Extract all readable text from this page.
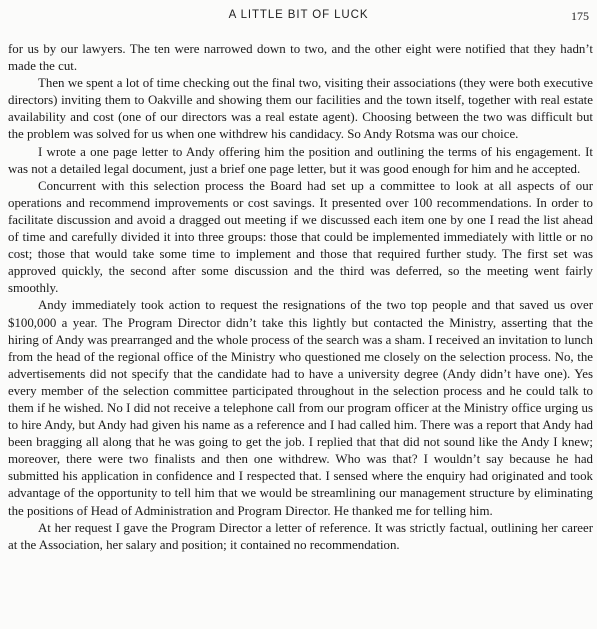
A LITTLE BIT OF LUCK	175

for us by our lawyers. The ten were narrowed down to two, and the other eight were notified that they hadn’t made the cut.

Then we spent a lot of time checking out the final two, visiting their associations (they were both executive directors) inviting them to Oakville and showing them our facilities and the town itself, together with real estate availability and cost (one of our directors was a real estate agent). Choosing between the two was difficult but the problem was solved for us when one withdrew his candidacy. So Andy Rotsma was our choice.

I wrote a one page letter to Andy offering him the position and outlining the terms of his engagement. It was not a detailed legal document, just a brief one page letter, but it was good enough for him and he accepted.

Concurrent with this selection process the Board had set up a committee to look at all aspects of our operations and recommend improvements or cost savings. It presented over 100 recommendations. In order to facilitate discussion and avoid a dragged out meeting if we discussed each item one by one I read the list ahead of time and carefully divided it into three groups: those that could be implemented immediately with little or no cost; those that would take some time to implement and those that required further study. The first set was approved quickly, the second after some discussion and the third was deferred, so the meeting went fairly smoothly.

Andy immediately took action to request the resignations of the two top people and that saved us over $100,000 a year. The Program Director didn’t take this lightly but contacted the Ministry, asserting that the hiring of Andy was prearranged and the whole process of the search was a sham. I received an invitation to lunch from the head of the regional office of the Ministry who questioned me closely on the selection process. No, the advertisements did not specify that the candidate had to have a university degree (Andy didn’t have one). Yes every member of the selection committee participated throughout in the selection process and he could talk to them if he wished. No I did not receive a telephone call from our program officer at the Ministry office urging us to hire Andy, but Andy had given his name as a reference and I had called him. There was a report that Andy had been bragging all along that he was going to get the job. I replied that that did not sound like the Andy I knew; moreover, there were two finalists and then one withdrew. Who was that? I wouldn’t say because he had submitted his application in confidence and I respected that. I sensed where the enquiry had originated and took advantage of the opportunity to tell him that we would be streamlining our management structure by eliminating the positions of Head of Administration and Program Director. He thanked me for telling him.

At her request I gave the Program Director a letter of reference. It was strictly factual, outlining her career at the Association, her salary and position; it contained no recommendation.
